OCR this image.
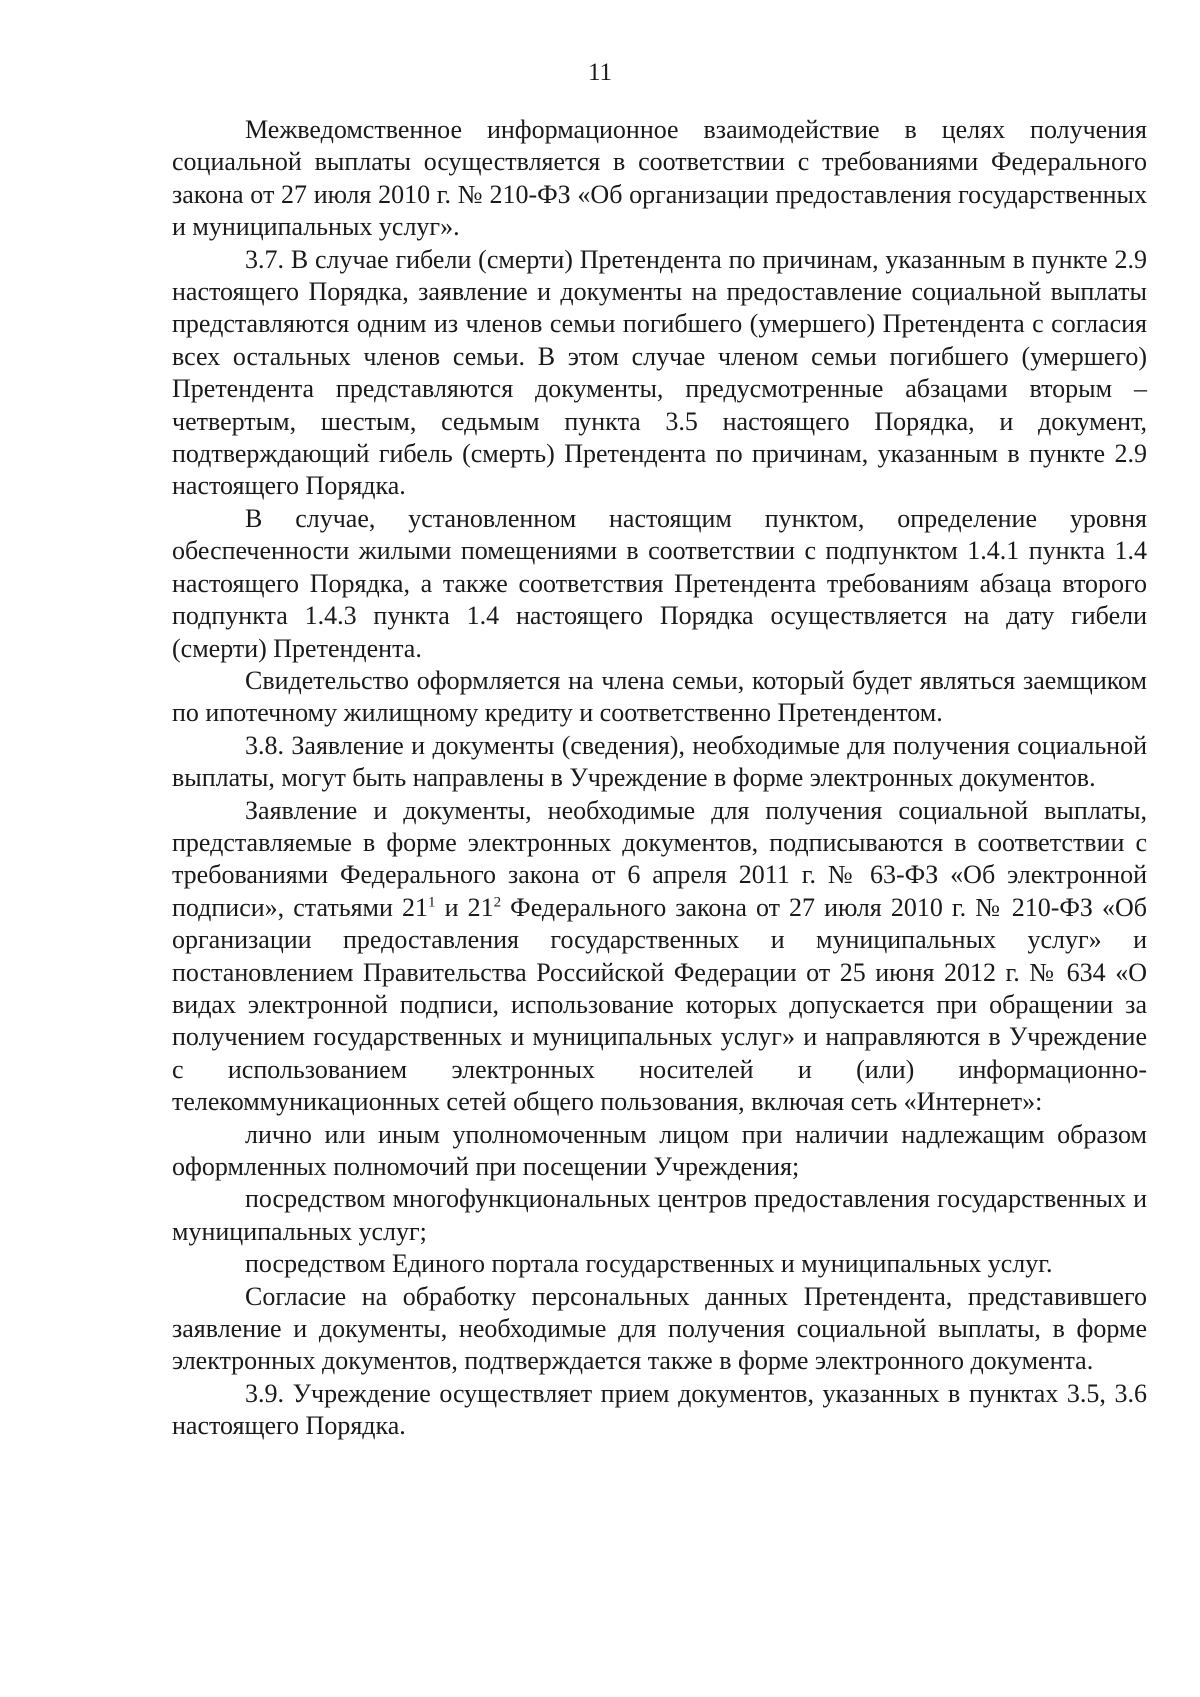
11

Межведомственное информационное взаимодействие в целях получения социальной выплаты осуществляется в соответствии с требованиями Федерального закона от 27 июля 2010 г. № 210-ФЗ «Об организации предоставления государственных и муниципальных услуг».

3.7. В случае гибели (смерти) Претендента по причинам, указанным в пункте 2.9 настоящего Порядка, заявление и документы на предоставление социальной выплаты представляются одним из членов семьи погибшего (умершего) Претендента с согласия всех остальных членов семьи. В этом случае членом семьи погибшего (умершего) Претендента представляются документы, предусмотренные абзацами вторым – четвертым, шестым, седьмым пункта 3.5 настоящего Порядка, и документ, подтверждающий гибель (смерть) Претендента по причинам, указанным в пункте 2.9 настоящего Порядка.

В случае, установленном настоящим пунктом, определение уровня обеспеченности жилыми помещениями в соответствии с подпунктом 1.4.1 пункта 1.4 настоящего Порядка, а также соответствия Претендента требованиям абзаца второго подпункта 1.4.3 пункта 1.4 настоящего Порядка осуществляется на дату гибели (смерти) Претендента.

Свидетельство оформляется на члена семьи, который будет являться заемщиком по ипотечному жилищному кредиту и соответственно Претендентом.

3.8. Заявление и документы (сведения), необходимые для получения социальной выплаты, могут быть направлены в Учреждение в форме электронных документов.

Заявление и документы, необходимые для получения социальной выплаты, представляемые в форме электронных документов, подписываются в соответствии с требованиями Федерального закона от 6 апреля 2011 г. № 63-ФЗ «Об электронной подписи», статьями $21^1$ и $21^2$ Федерального закона от 27 июля 2010 г. № 210-ФЗ «Об организации предоставления государственных и муниципальных услуг» и постановлением Правительства Российской Федерации от 25 июня 2012 г. № 634 «О видах электронной подписи, использование которых допускается при обращении за получением государственных и муниципальных услуг» и направляются в Учреждение с использованием электронных носителей и (или) информационно-телекоммуникационных сетей общего пользования, включая сеть «Интернет»:

лично или иным уполномоченным лицом при наличии надлежащим образом оформленных полномочий при посещении Учреждения;

посредством многофункциональных центров предоставления государственных и муниципальных услуг;

посредством Единого портала государственных и муниципальных услуг.

Согласие на обработку персональных данных Претендента, представившего заявление и документы, необходимые для получения социальной выплаты, в форме электронных документов, подтверждается также в форме электронного документа.

3.9. Учреждение осуществляет прием документов, указанных в пунктах 3.5, 3.6 настоящего Порядка.
